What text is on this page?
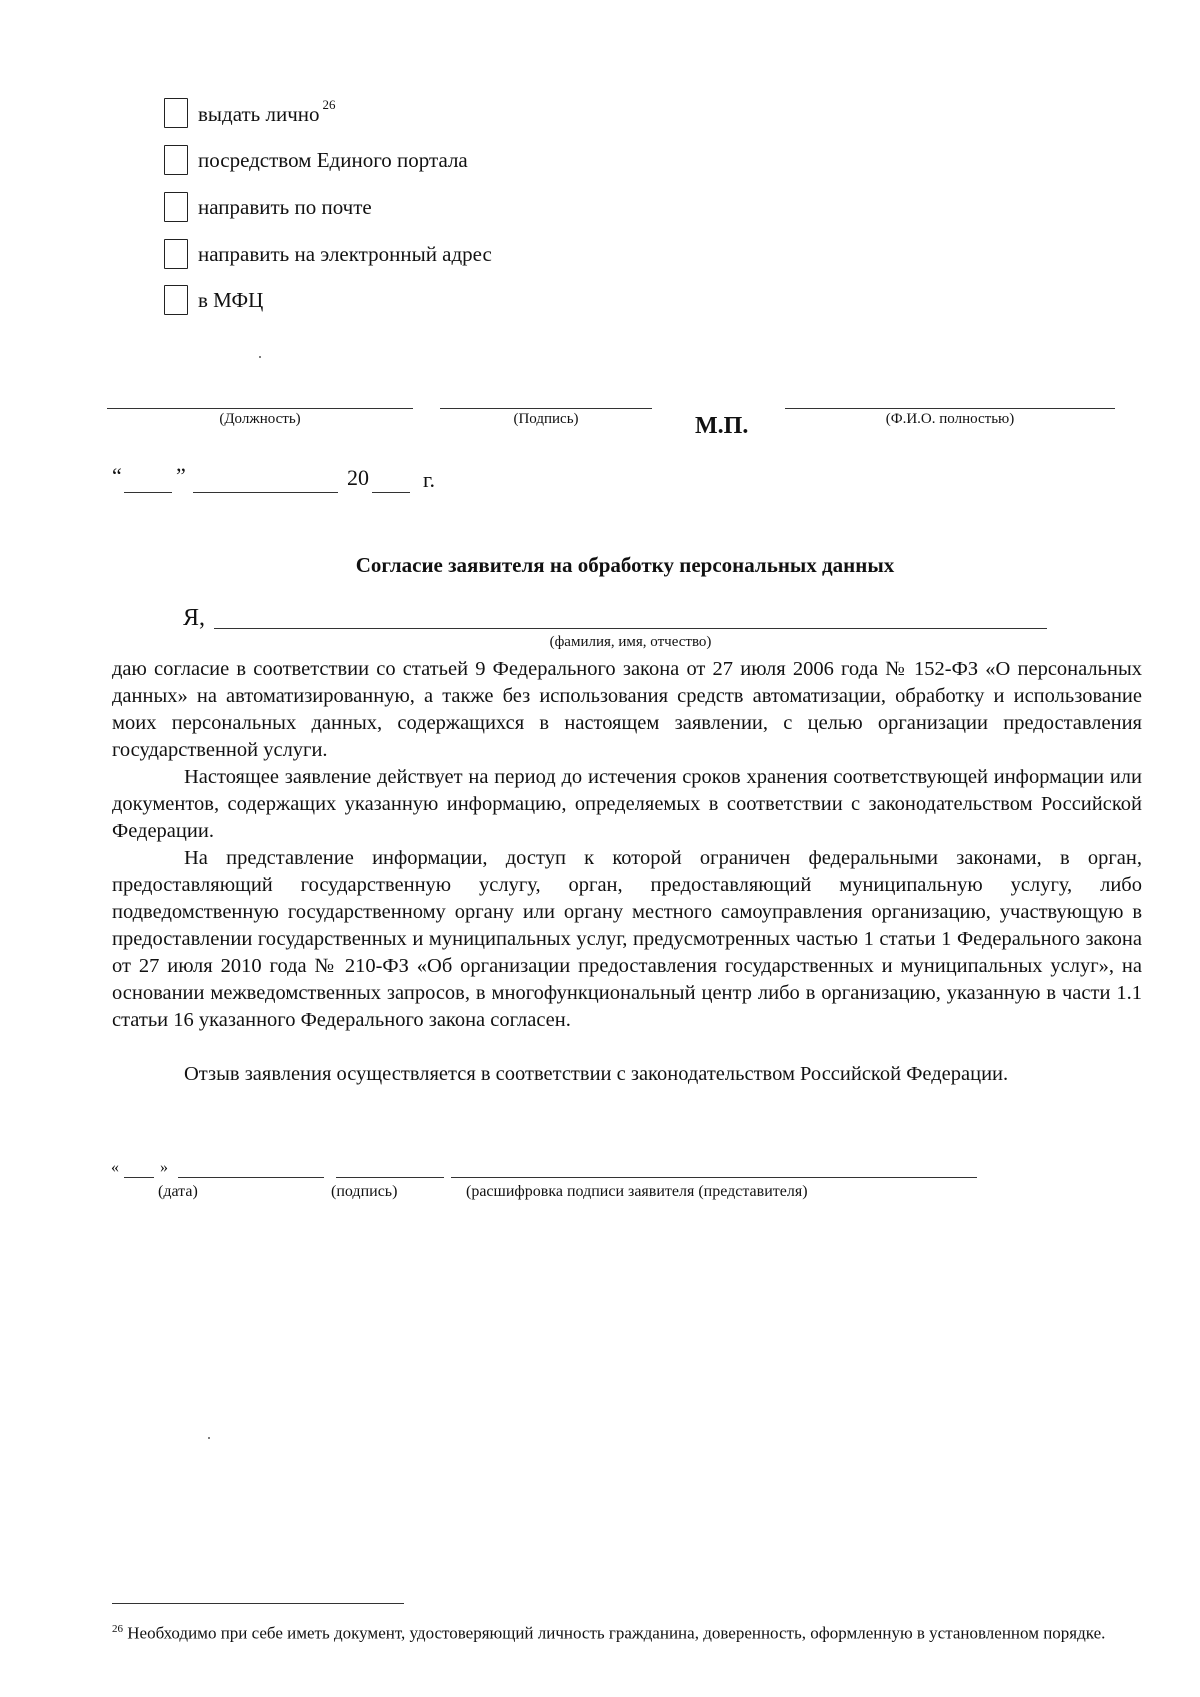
выдать лично $^{26}$
посредством Единого портала
направить по почте
направить на электронный адрес
в МФЦ
(Должность)	(Подпись)	М.П.	(Ф.И.О. полностью)
“ ”	20 г.
Согласие заявителя на обработку персональных данных
Я,
(фамилия, имя, отчество)

даю согласие в соответствии со статьей 9 Федерального закона от 27 июля 2006 года № 152-ФЗ «О персональных данных» на автоматизированную, а также без использования средств автоматизации, обработку и использование моих персональных данных, содержащихся в настоящем заявлении, с целью организации предоставления государственной услуги.

Настоящее заявление действует на период до истечения сроков хранения соответствующей информации или документов, содержащих указанную информацию, определяемых в соответствии с законодательством Российской Федерации.

На представление информации, доступ к которой ограничен федеральными законами, в орган, предоставляющий государственную услугу, орган, предоставляющий муниципальную услугу, либо подведомственную государственному органу или органу местного самоуправления организацию, участвующую в предоставлении государственных и муниципальных услуг, предусмотренных частью 1 статьи 1 Федерального закона от 27 июля 2010 года № 210-ФЗ «Об организации предоставления государственных и муниципальных услуг», на основании межведомственных запросов, в многофункциональный центр либо в организацию, указанную в части 1.1 статьи 16 указанного Федерального закона согласен.

Отзыв заявления осуществляется в соответствии с законодательством Российской Федерации.

«	»
(дата)	(подпись)	(расшифровка подписи заявителя (представителя)

$^{26}$ Необходимо при себе иметь документ, удостоверяющий личность гражданина, доверенность, оформленную в установленном порядке.
